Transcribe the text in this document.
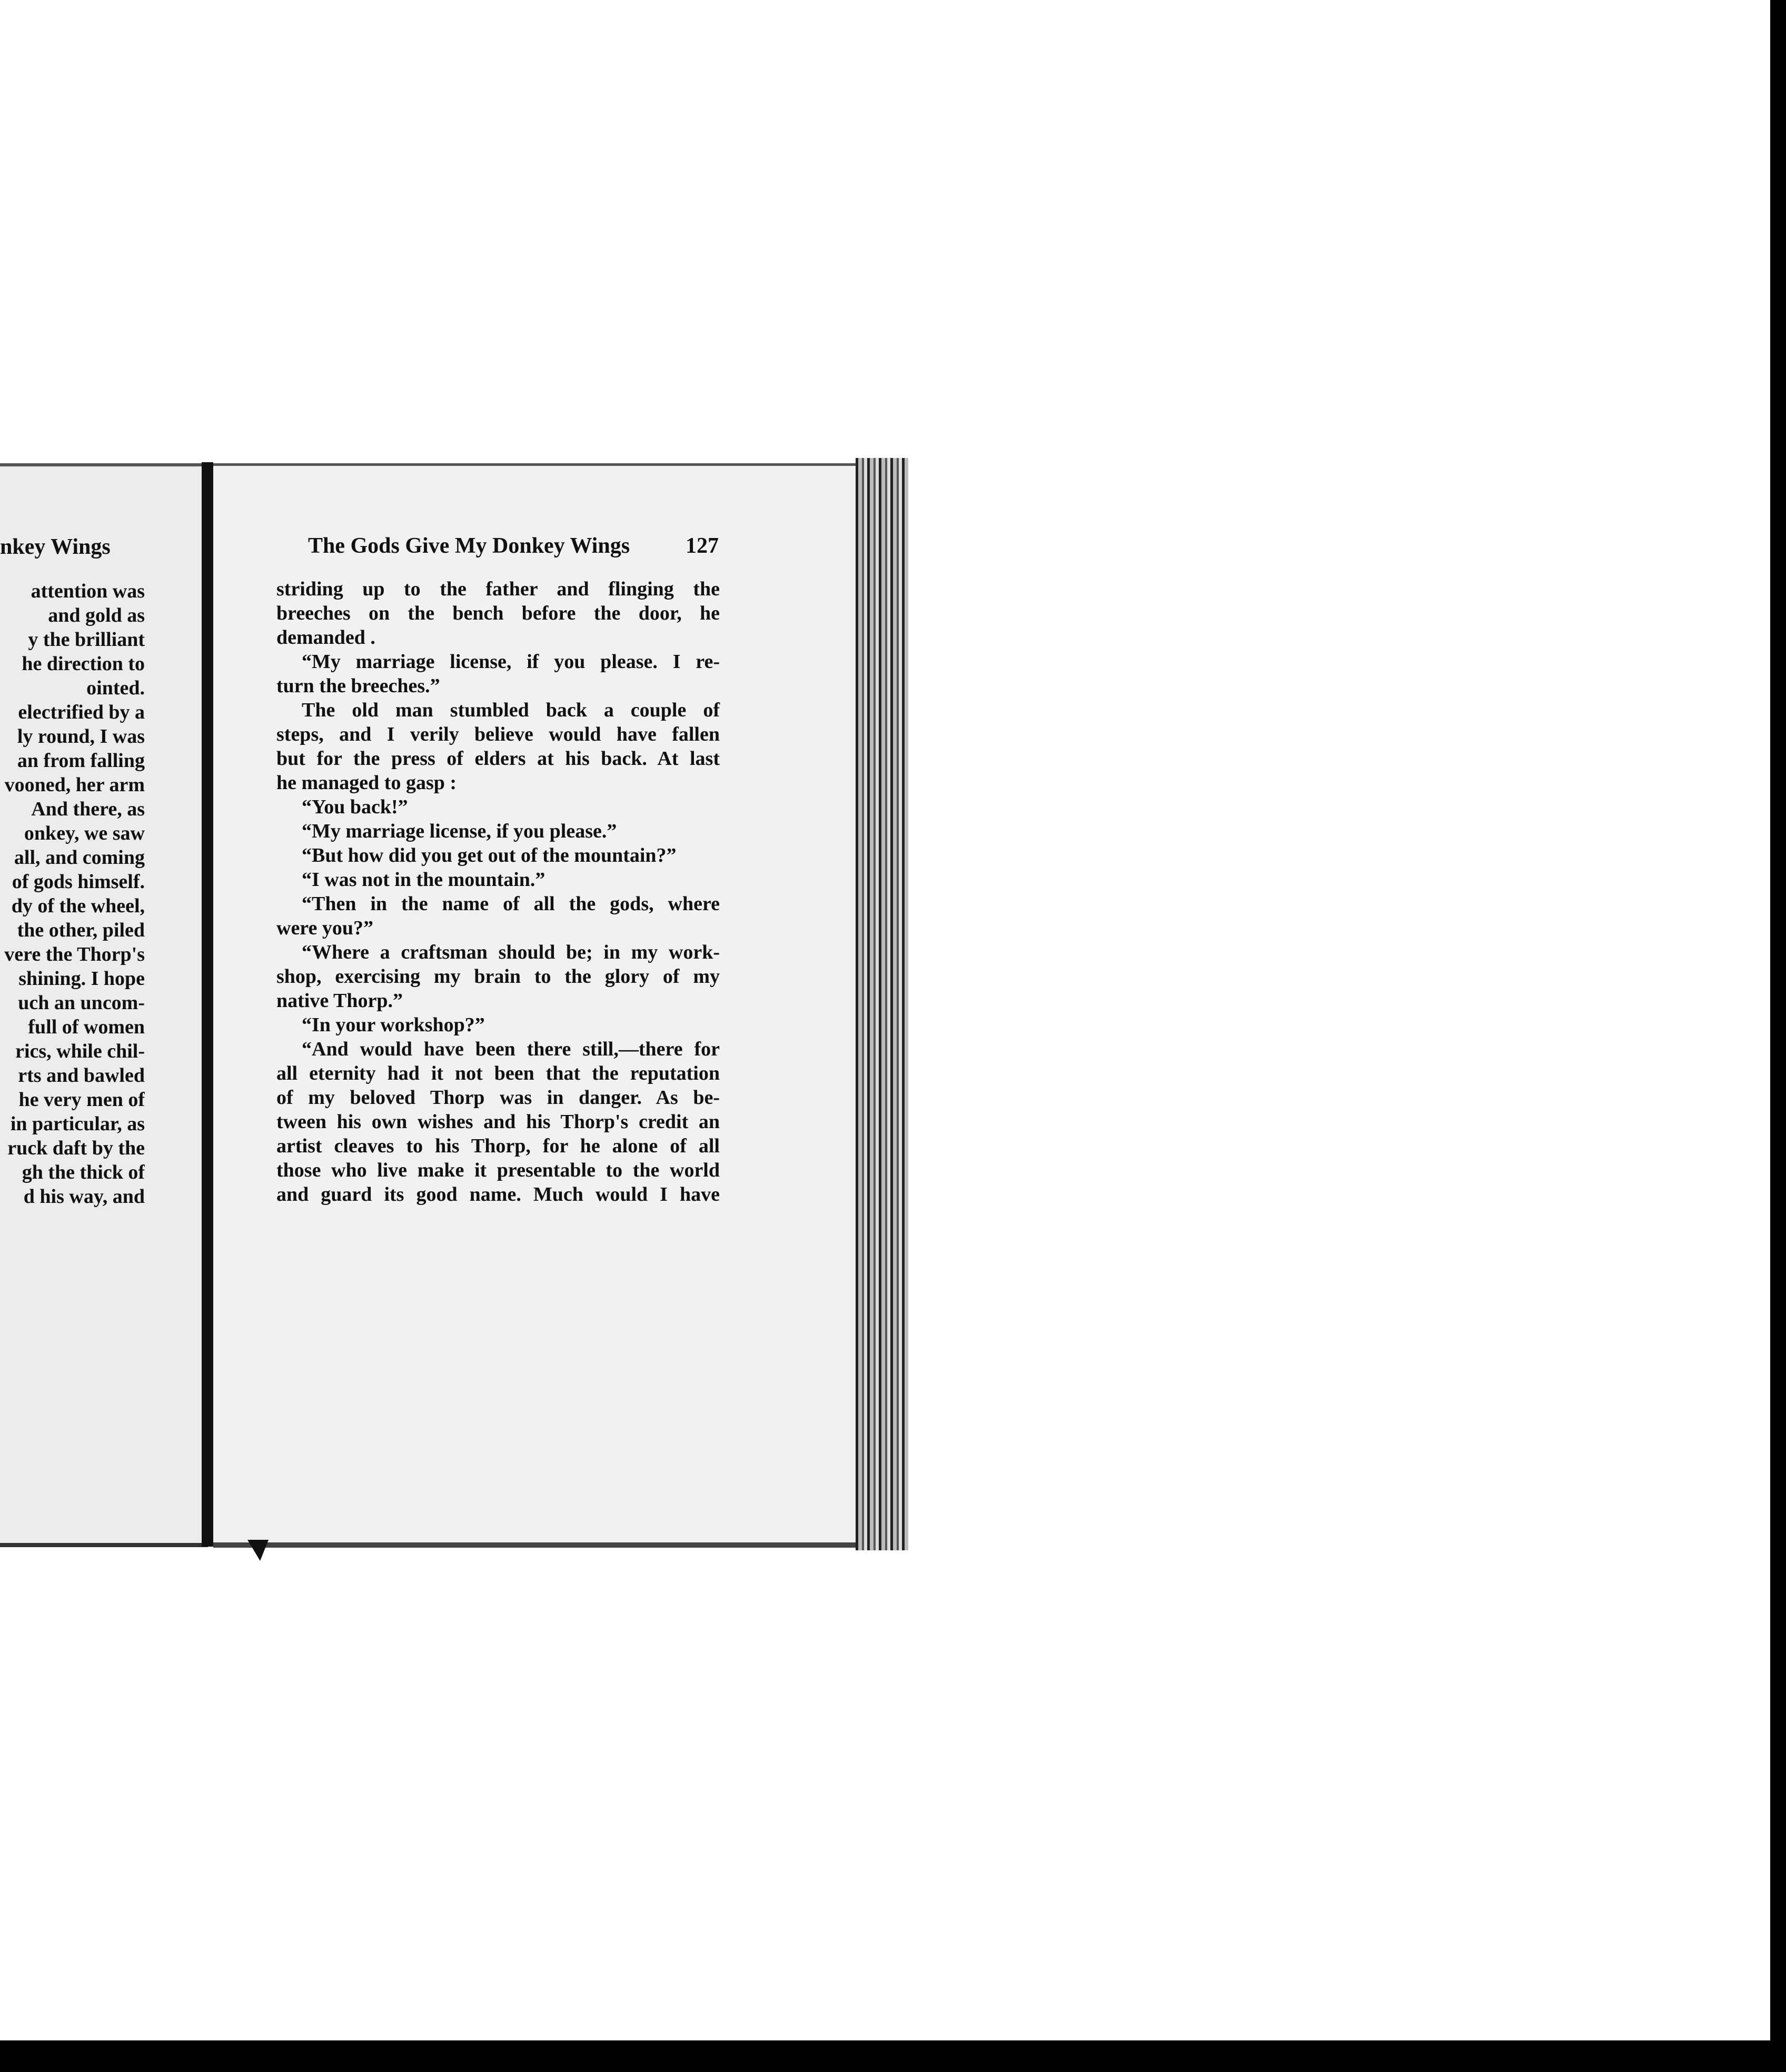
nkey Wings
attention was
and gold as
y the brilliant
he direction to
ointed.
electrified by a
ly round, I was
an from falling
vooned, her arm
And there, as
onkey, we saw
all, and coming
of gods himself.
dy of the wheel,
the other, piled
vere the Thorp's
shining. I hope
uch an uncom-
full of women
rics, while chil-
rts and bawled
he very men of
in particular, as
ruck daft by the
gh the thick of
d his way, and
The Gods Give My Donkey Wings	127
striding up to the father and flinging the
breeches on the bench before the door, he
demanded .
“My marriage license, if you please. I re-
turn the breeches.”
The old man stumbled back a couple of
steps, and I verily believe would have fallen
but for the press of elders at his back. At last
he managed to gasp :
“You back!”
“My marriage license, if you please.”
“But how did you get out of the mountain?”
“I was not in the mountain.”
“Then in the name of all the gods, where
were you?”
“Where a craftsman should be; in my work-
shop, exercising my brain to the glory of my
native Thorp.”
“In your workshop?”
“And would have been there still,—there for
all eternity had it not been that the reputation
of my beloved Thorp was in danger. As be-
tween his own wishes and his Thorp's credit an
artist cleaves to his Thorp, for he alone of all
those who live make it presentable to the world
and guard its good name. Much would I have
